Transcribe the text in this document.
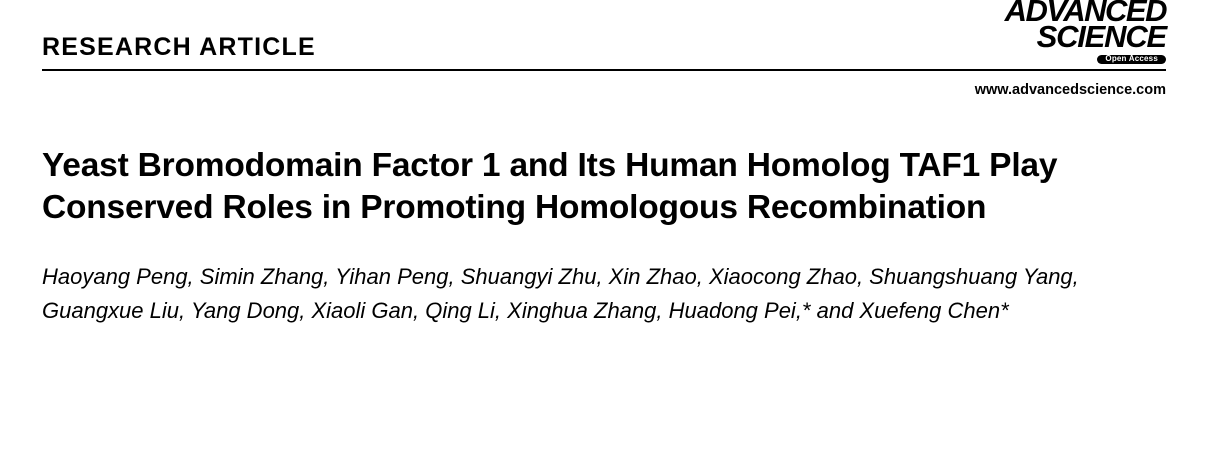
RESEARCH ARTICLE
ADVANCED
SCIENCE
Open Access
www.advancedscience.com
Yeast Bromodomain Factor 1 and Its Human Homolog TAF1 Play Conserved Roles in Promoting Homologous Recombination
Haoyang Peng, Simin Zhang, Yihan Peng, Shuangyi Zhu, Xin Zhao, Xiaocong Zhao, Shuangshuang Yang, Guangxue Liu, Yang Dong, Xiaoli Gan, Qing Li, Xinghua Zhang, Huadong Pei,* and Xuefeng Chen*
